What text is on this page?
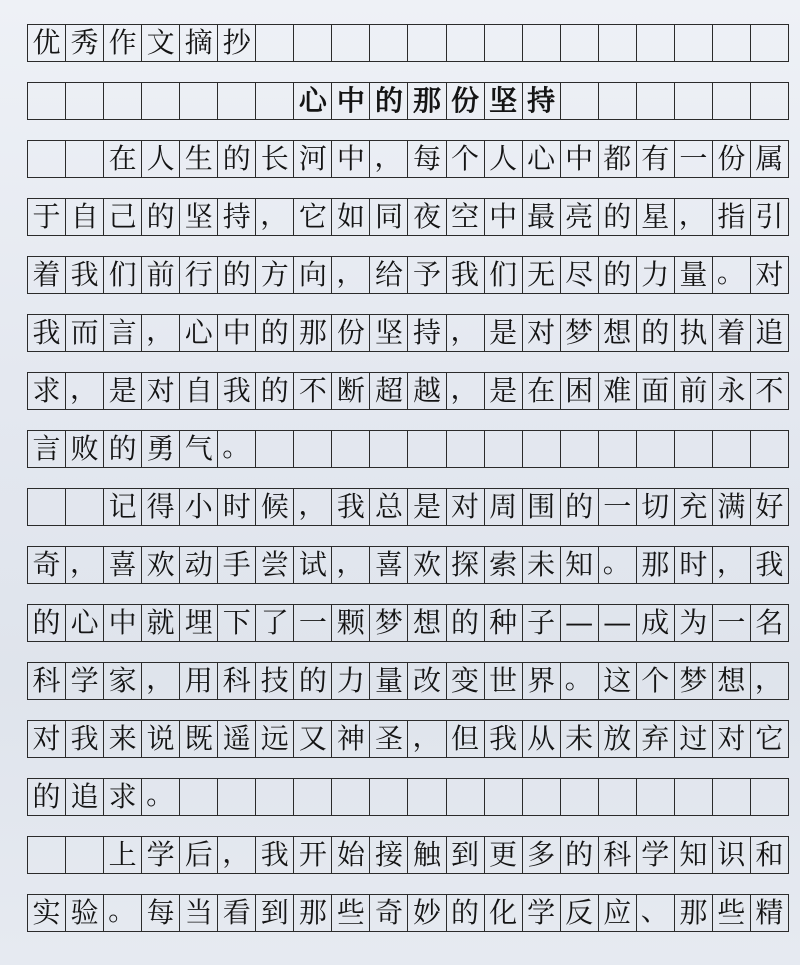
优 秀 作 文 摘 抄
心 中 的 那 份 坚 持
在 人 生 的 长 河 中 ， 每 个 人 心 中 都 有 一 份 属
于 自 己 的 坚 持 ， 它 如 同 夜 空 中 最 亮 的 星 ， 指 引
着 我 们 前 行 的 方 向 ， 给 予 我 们 无 尽 的 力 量 。 对
我 而 言 ， 心 中 的 那 份 坚 持 ， 是 对 梦 想 的 执 着 追
求 ， 是 对 自 我 的 不 断 超 越 ， 是 在 困 难 面 前 永 不
言 败 的 勇 气 。
记 得 小 时 候 ， 我 总 是 对 周 围 的 一 切 充 满 好
奇 ， 喜 欢 动 手 尝 试 ， 喜 欢 探 索 未 知 。 那 时 ， 我
的 心 中 就 埋 下 了 一 颗 梦 想 的 种 子 — — 成 为 一 名
科 学 家 ， 用 科 技 的 力 量 改 变 世 界 。 这 个 梦 想 ，
对 我 来 说 既 遥 远 又 神 圣 ， 但 我 从 未 放 弃 过 对 它
的 追 求 。
上 学 后 ， 我 开 始 接 触 到 更 多 的 科 学 知 识 和
实 验 。 每 当 看 到 那 些 奇 妙 的 化 学 反 应 、 那 些 精
